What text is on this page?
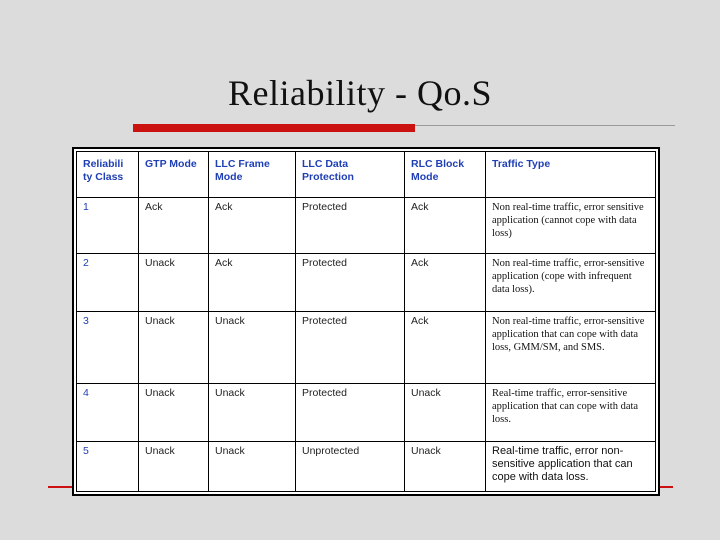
Reliability - Qo.S
Reliabili ty Class	GTP Mode	LLC Frame Mode	LLC Data Protection	RLC Block Mode	Traffic Type
1	Ack	Ack	Protected	Ack	Non real-time traffic, error sensitive application (cannot cope with data loss)
2	Unack	Ack	Protected	Ack	Non real-time traffic, error-sensitive application (cope with infrequent data loss).
3	Unack	Unack	Protected	Ack	Non real-time traffic, error-sensitive application that can cope with data loss, GMM/SM, and SMS.
4	Unack	Unack	Protected	Unack	Real-time traffic, error-sensitive application that can cope with data loss.
5	Unack	Unack	Unprotected	Unack	Real-time traffic, error non-sensitive application that can cope with data loss.
